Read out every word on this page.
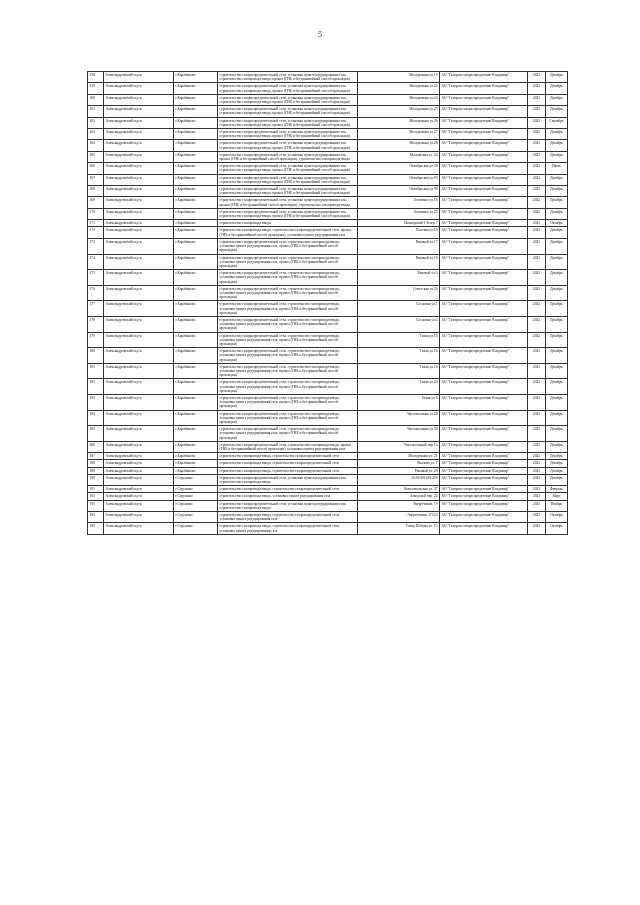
5
158	Александровский м.р-н	г.Карабаново	строительство газораспределительной сети, установка пункта редуцирования газа, строительство газопровода-ввода, прокол (ГНБ и бестраншейный способ прокладки)	Молодежная ул.19	АО "Газпром газораспределение Владимир"	2022	Декабрь
159	Александровский м.р-н	г.Карабаново	строительство газораспределительной сети, установка пункта редуцирования газа, строительство газопровода-ввода, прокол (ГНБ и бестраншейный способ прокладки)	Молодежная ул.22	АО "Газпром газораспределение Владимир"	2022	Декабрь
160	Александровский м.р-н	г.Карабаново	строительство газораспределительной сети, установка пункта редуцирования газа, строительство газопровода-ввода, прокол (ГНБ и бестраншейный способ прокладки)	Молодежная ул.24	АО "Газпром газораспределение Владимир"	2023	Декабрь
161	Александровский м.р-н	г.Карабаново	строительство газораспределительной сети, установка пункта редуцирования газа, строительство газопровода-ввода, прокол (ГНБ и бестраншейный способ прокладки)	Молодежная ул.25	АО "Газпром газораспределение Владимир"	2023	Декабрь
162	Александровский м.р-н	г.Карабаново	строительство газораспределительной сети, установка пункта редуцирования газа, строительство газопровода-ввода, прокол (ГНБ и бестраншейный способ прокладки)	Молодежная ул.26	АО "Газпром газораспределение Владимир"	2023	Сентябрь
163	Александровский м.р-н	г.Карабаново	строительство газораспределительной сети, установка пункта редуцирования газа, строительство газопровода-ввода, прокол (ГНБ и бестраншейный способ прокладки)	Молодежная ул.27	АО "Газпром газораспределение Владимир"	2023	Декабрь
164	Александровский м.р-н	г.Карабаново	строительство газораспределительной сети, установка пункта редуцирования газа, строительство газопровода-ввода, прокол (ГНБ и бестраншейный способ прокладки)	Молодежная ул.28	АО "Газпром газораспределение Владимир"	2023	Декабрь
165	Александровский м.р-н	г.Карабаново	строительство газораспределительной сети, установка пункта редуцирования газа, прокол (ГНБ и бестраншейный способ прокладки), строительство газопровода-ввода	Московская ул. 32	АО "Газпром газораспределение Владимир"	2023	Декабрь
166	Александровский м.р-н	г.Карабаново	строительство газораспределительной сети, установка пункта редуцирования газа, строительство газопровода-ввода, прокол (ГНБ и бестраншейный способ прокладки)	Октябрьская ул.38	АО "Газпром газораспределение Владимир"	2022	Июль
167	Александровский м.р-н	г.Карабаново	строительство газораспределительной сети, установка пункта редуцирования газа, строительство газопровода-ввода, прокол (ГНБ и бестраншейный способ прокладки)	Октябрьская ул.93	АО "Газпром газораспределение Владимир"	2022	Декабрь
168	Александровский м.р-н	г.Карабаново	строительство газораспределительной сети, установка пункта редуцирования газа, строительство газопровода-ввода, прокол (ГНБ и бестраншейный способ прокладки)	Октябрьская ул.99	АО "Газпром газораспределение Владимир"	2023	Декабрь
169	Александровский м.р-н	г.Карабаново	строительство газораспределительной сети, установка пункта редуцирования газа, прокол (ГНБ и бестраншейный способ прокладки), строительство газопровода-ввода	Осипенко ул.18	АО "Газпром газораспределение Владимир"	2022	Декабрь
170	Александровский м.р-н	г.Карабаново	строительство газораспределительной сети, установка пункта редуцирования газа, строительство газопровода-ввода, прокол (ГНБ и бестраншейный способ прокладки)	Осипенко ул.25	АО "Газпром газораспределение Владимир"	2022	Декабрь
171	Александровский м.р-н	г.Карабаново	строительство газопровода-ввода	Пионерский 1-й пер,7	АО "Газпром газораспределение Владимир"	2023	Октябрь
172	Александровский м.р-н	г.Карабаново	строительство газопровода-ввода, строительство газораспределительной сети, прокол (ГНБ и бестраншейный способ прокладки), установка пункта редуцирования газа	Полевая ул.10	АО "Газпром газораспределение Владимир"	2023	Декабрь
173	Александровский м.р-н	г.Карабаново	строительство газораспределительной сети, строительство газопровода-ввода, установка пункта редуцирования газа, прокол (ГНБ и бестраншейный способ прокладки)	Раковый ул.17	АО "Газпром газораспределение Владимир"	2023	Декабрь
174	Александровский м.р-н	г.Карабаново	строительство газораспределительной сети, строительство газопровода-ввода, установка пункта редуцирования газа, прокол (ГНБ и бестраншейный способ прокладки)	Раковый ул.19	АО "Газпром газораспределение Владимир"	2023	Декабрь
175	Александровский м.р-н	г.Карабаново	строительство газораспределительной сети, строительство газопровода-ввода, установка пункта редуцирования газа, прокол (ГНБ и бестраншейный способ прокладки)	Раковый ул.3	АО "Газпром газораспределение Владимир"	2023	Декабрь
176	Александровский м.р-н	г.Карабаново	строительство газораспределительной сети, строительство газопровода-ввода, установка пункта редуцирования газа, прокол (ГНБ и бестраншейный способ прокладки)	Советская ул.24	АО "Газпром газораспределение Владимир"	2023	Декабрь
177	Александровский м.р-н	г.Карабаново	строительство газораспределительной сети, строительство газопровода-ввода, установка пункта редуцирования газа, прокол (ГНБ и бестраншейный способ прокладки)	Сосновая ул.1	АО "Газпром газораспределение Владимир"	2023	Декабрь
178	Александровский м.р-н	г.Карабаново	строительство газораспределительной сети, строительство газопровода-ввода, установка пункта редуцирования газа, прокол (ГНБ и бестраншейный способ прокладки)	Сосновая ул.4	АО "Газпром газораспределение Владимир"	2023	Декабрь
179	Александровский м.р-н	г.Карабаново	строительство газораспределительной сети, строительство газопровода-ввода, установка пункта редуцирования газа, прокол (ГНБ и бестраншейный способ прокладки)	Тихая ул.10	АО "Газпром газораспределение Владимир"	2022	Декабрь
180	Александровский м.р-н	г.Карабаново	строительство газораспределительной сети, строительство газопровода-ввода, установка пункта редуцирования газа, прокол (ГНБ и бестраншейный способ прокладки)	Тихая ул.16	АО "Газпром газораспределение Владимир"	2023	Декабрь
181	Александровский м.р-н	г.Карабаново	строительство газораспределительной сети, строительство газопровода-ввода, установка пункта редуцирования газа, прокол (ГНБ и бестраншейный способ прокладки)	Тихая ул.18	АО "Газпром газораспределение Владимир"	2023	Декабрь
182	Александровский м.р-н	г.Карабаново	строительство газораспределительной сети, строительство газопровода-ввода, установка пункта редуцирования газа, прокол (ГНБ и бестраншейный способ прокладки)	Тихая ул.24	АО "Газпром газораспределение Владимир"	2022	Декабрь
183	Александровский м.р-н	г.Карабаново	строительство газораспределительной сети, строительство газопровода-ввода, установка пункта редуцирования газа, прокол (ГНБ и бестраншейный способ прокладки)	Тихая ул.6	АО "Газпром газораспределение Владимир"	2023	Декабрь
184	Александровский м.р-н	г.Карабаново	строительство газораспределительной сети, строительство газопровода-ввода, установка пункта редуцирования газа, прокол (ГНБ и бестраншейный способ прокладки)	Чистопольная ул.28	АО "Газпром газораспределение Владимир"	2023	Декабрь
185	Александровский м.р-н	г.Карабаново	строительство газораспределительной сети, строительство газопровода-ввода, установка пункта редуцирования газа, прокол (ГНБ и бестраншейный способ прокладки)	Чистопольная ул.30	АО "Газпром газораспределение Владимир"	2023	Декабрь
186	Александровский м.р-н	г.Карабаново	строительство газораспределительной сети, строительство газопровода-ввода, прокол (ГНБ и бестраншейный способ прокладки), установка пункта редуцирования газа	Чистопольный пер.14	АО "Газпром газораспределение Владимир"	2023	Декабрь
187	Александровский м.р-н	г.Карабаново	строительство газопровода-ввода, строительство газораспределительной сети	Молодежная ул. 21	АО "Газпром газораспределение Владимир"	2022	Декабрь
188	Александровский м.р-н	г.Карабаново	строительство газопровода-ввода, строительство газораспределительной сети	Чкалова ул. 7	АО "Газпром газораспределение Владимир"	2022	Декабрь
189	Александровский м.р-н	г.Карабаново	строительство газопровода-ввода, строительство газораспределительной сети	Раковый ул. 20	АО "Газпром газораспределение Владимир"	2023	Декабрь
190	Александровский м.р-н	г.Струнино	строительство газораспределительной сети, установка пункта редуцирования газа, строительство газопровода-ввода	33:01:001629:250	АО "Газпром газораспределение Владимир"	2023	Декабрь
191	Александровский м.р-н	г.Струнино	строительство газопровода-ввода, строительство газораспределительной сети	Комсомольская ул. 37	АО "Газпром газораспределение Владимир"	2023	Февраль
192	Александровский м.р-н	г.Струнино	строительство газопровода-ввода, установка пункта редуцирования газа	Заводской пер. 24	АО "Газпром газораспределение Владимир"	2023	Март
193	Александровский м.р-н	г.Струнино	строительство газораспределительной сети, установка пункта редуцирования газа, строительство газопровода-ввода	Энергетиков, 19	АО "Газпром газораспределение Владимир"	2023	Ноябрь
194	Александровский м.р-н	г.Струнино	строительство газопровода-ввода, строительство газораспределительной сети, установка пункта редуцирования газа	Энергетиков, 2/5/23	АО "Газпром газораспределение Владимир"	2023	Октябрь
195	Александровский м.р-н	г.Струнино	строительство газопровода-ввода, строительство газораспределительной сети, установка пункта редуцирования газа	Улица Победы ул. 13	АО "Газпром газораспределение Владимир"	2023	Октябрь
